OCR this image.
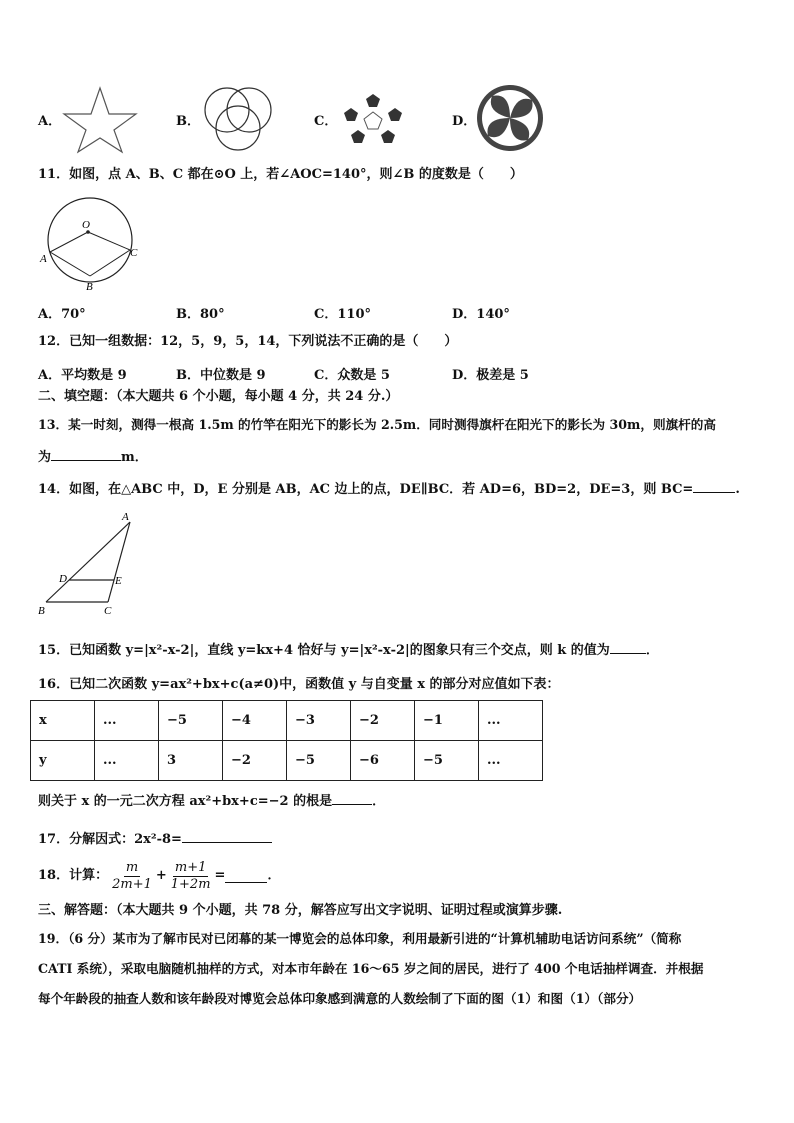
A．	B．	C．	D．
11．如图，点 A、B、C 都在⊙O 上，若∠AOC=140°，则∠B 的度数是（　　）
O
A
B
C
A．70°	B．80°	C．110°	D．140°
12．已知一组数据：12，5，9，5，14，下列说法不正确的是（　　）
A．平均数是 9	B．中位数是 9	C．众数是 5	D．极差是 5
二、填空题：（本大题共 6 个小题，每小题 4 分，共 24 分.）
13．某一时刻，测得一根高 1.5m 的竹竿在阳光下的影长为 2.5m．同时测得旗杆在阳光下的影长为 30m，则旗杆的高
为	m．
14．如图，在△ABC 中，D，E 分别是 AB，AC 边上的点，DE∥BC．若 AD=6，BD=2，DE=3，则 BC=	.
A
D	E
B	C
15．已知函数 y=|x²-x-2|，直线 y=kx+4 恰好与 y=|x²-x-2|的图象只有三个交点，则 k 的值为	．
16．已知二次函数 y=ax²+bx+c(a≠0)中，函数值 y 与自变量 x 的部分对应值如下表：
x	...	−5	−4	−3	−2	−1	...
y	...	3	−2	−5	−6	−5	...
则关于 x 的一元二次方程 ax²+bx+c=−2 的根是	．
17．分解因式：2x²-8=
18．计算： $\frac{m}{2m+1} + \frac{m+1}{1+2m}$ =	．
三、解答题：（本大题共 9 个小题，共 78 分，解答应写出文字说明、证明过程或演算步骤.
19．（6 分）某市为了解市民对已闭幕的某一博览会的总体印象，利用最新引进的“计算机辅助电话访问系统”（简称
CATI 系统），采取电脑随机抽样的方式，对本市年龄在 16～65 岁之间的居民，进行了 400 个电话抽样调查．并根据
每个年龄段的抽查人数和该年龄段对博览会总体印象感到满意的人数绘制了下面的图（1）和图（1）（部分）
